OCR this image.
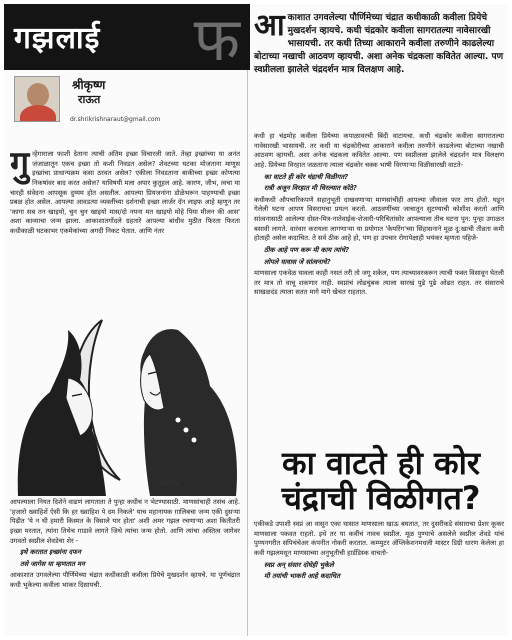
गझलाई फ
श्रीकृष्ण
राऊत
dr.shrikrishnaraut@gmail.com
आ काशात उगवलेल्या पौर्णिमेच्या चंद्रात कधीकाळी कवीला प्रियेचे मुखदर्शन व्हायचे. कधी चंद्रकोर कवीला सागरातल्या नावेसारखी भासायची. तर कधी तिच्या आकाराने कवीला तरुणीने काढलेल्या बोटाच्या नखाची आठवण व्हायची. अशा अनेक चंद्रकला कवितेत आल्या. पण स्वप्नीलला झालेले चंद्रदर्शन मात्र विलक्षण आहे.
गु न्हेगाराला फाशी देताना त्याची अंतिम इच्छा विचारली जाते. तेव्हा इच्छांच्या या अनंत जंजाळातून एकच इच्छा तो कशी निवडत असेल? शेवटच्या घटका मोजताना माणूस इच्छांचा प्राधान्यक्रम कसा ठरवत असेल? एकीला निवडताना बाकीच्या इच्छा कोणत्या निकषांवर बाद करत असेल? याविषयी मला अपार कुतूहल आहे. कारण, जीभ, त्वचा या चारही संवेदना आपसूक दुय्यम होत असतील. आपल्या प्रियजनांना डोळेभरून पाहण्याची इच्छा प्रबळ होत असेल. आपल्या आवडत्या व्यक्तींच्या दर्शनाची इच्छा लार्जर दॅन लाइफ आहे म्हणून तर 'कागा सब तन खाइयो, चुन चुन खाइयो मास/दो नयना मत खाइयो मोहे पिया मीलन की आस' अशा काव्याचा जन्म झाला. आकाशातगोंदले ग्रहतारे आपल्या बांधीव मुठीत फिरता फिरता कधीकाळी घटकाभर एकमेकांच्या अगदी निकट येतात. आणि नंतर

कधी हा चंद्रमोह कवीला प्रियेच्या कपाळावरची बिंदी वाटायचा. कधी चंद्रकोर कवीला सागरातल्या नावेसारखी भासायची. तर कधी या चंद्रकोरीच्या आकाराने कवीला तरुणीने काढलेल्या बोटाच्या नखाची आठवण व्हायची. अशा अनेक चंद्रकला कवितेत आल्या. पण स्वप्नीलला झालेले चंद्रदर्शन मात्र विलक्षण आहे. प्रियेच्या विरहात जळताना त्याला चंद्रकोर चक्क भाषी विरणाऱ्या विळीसारखी वाटते-

का वाटते ही कोर चंद्राची विळीगत?

रात्री अजून विरहात मी चिरल्यात कोठे?

कधीकधी औपचारिकपणे सहानुभूती दाखवणाऱ्या माणसांचीही आपल्या जीवाला फार ताप होतो. घडून गेलेली घटना आपण विसरायचा प्रयत्न करतो. आठवणींच्या जाचातून सुटण्याची कोशीश करतो आणि सांत्वनासाठी आलेल्या दोस्त-मित्र-नातेवाईक-शेजारी-परिचितांसोर आपल्याला तीच घटना पुन: पुन्हा उगाळत बसावी लागते. वारंवार करायला लागणाऱ्या या प्रयोगात 'केयरिंग'च्या सिंहासनाने मूळ दु:खाची तीव्रता कमी होताही असेल कदाचित. ते सर्व ठीक आहे हो, पण हा उपचार रोगापेक्षाही भयंकर म्हणता पहिजे-

ठीक आहे पण करू मी काय त्यांचे?

लोपले घावास जे सांत्वनाचे?

माणसाला एकवेळ घावला काही नसतं तरी तो जगू शकेल, पण त्याच्यावरकरून त्याची फक्त विसावून घेतली तर मात्र तो वाचू शकणार नाही. स्वप्नांचं लोढचुंबक त्याला सारखं पुढे पुढे ओढत राहत. तर संसाराचे साखळदंड त्याला सतत मागे मागे खेचत राहतात.

Srifn
का वाटते ही कोर
चंद्राची विळीगत?

आपल्याला नियत दिशेने वाढणं लागताता ते पुन्हा कधीच न भेटण्यासाठी. माणसांचाही तसंच आहे. 'हजारो ख्वाहिशें ऐसी कि हर ख्वाहिश पे दम निकले' याच महानायक ग़ालिबचा जन्म एकी दुसऱ्या पिढीत 'ये न थी हमारी किस्मत के विसाले यार होता' अशी अमर गझल रचणाऱ्या अशा कितीतरी इच्छा मरतात, त्यांना तिथेच गाडावे लागते जिथे त्यांचा जन्म होतो. आणि त्यांचा अस्तित्व जागेवर उगवतो स्वप्नील शेवडेचा शेर -

इथे करतात इच्छांना दफन

तसे जागेस या म्हणतात मन

आकाशात उगवलेल्या पौर्णिमेच्या चंद्रात कधीकाळी कवीला प्रियेचे मुखदर्शन व्हायचे. या पूर्णचंद्रात कधी भुकेल्या कवीला भाकर दिसायची.

एकीकडे उपाशी स्वप्नं आ वासून एका घासात माणसाला खाऊ बघतात, तर दुसरीकडे संसाराचा प्रेशर कूकर माणसाला पकवत राहतो. इथे तर या कवींचं नावच स्वप्नील. मूळ पुण्याचे असलेले स्वप्नील शेवडे यांचं पुण्यनगरीत संपिचंचेअर कंपनीत नोकरी करतात. कम्प्युटर ॲप्लिकेशनमधली मास्टर डिग्री धारण केलेला हा कवी गझलमधून माणसाच्या अनुभूतीची हार्डडिस्क वाचतो-

स्वप्न अन् संसार दोघेही भुकेले

मी तयांची भाकरी आहे कदाचित
